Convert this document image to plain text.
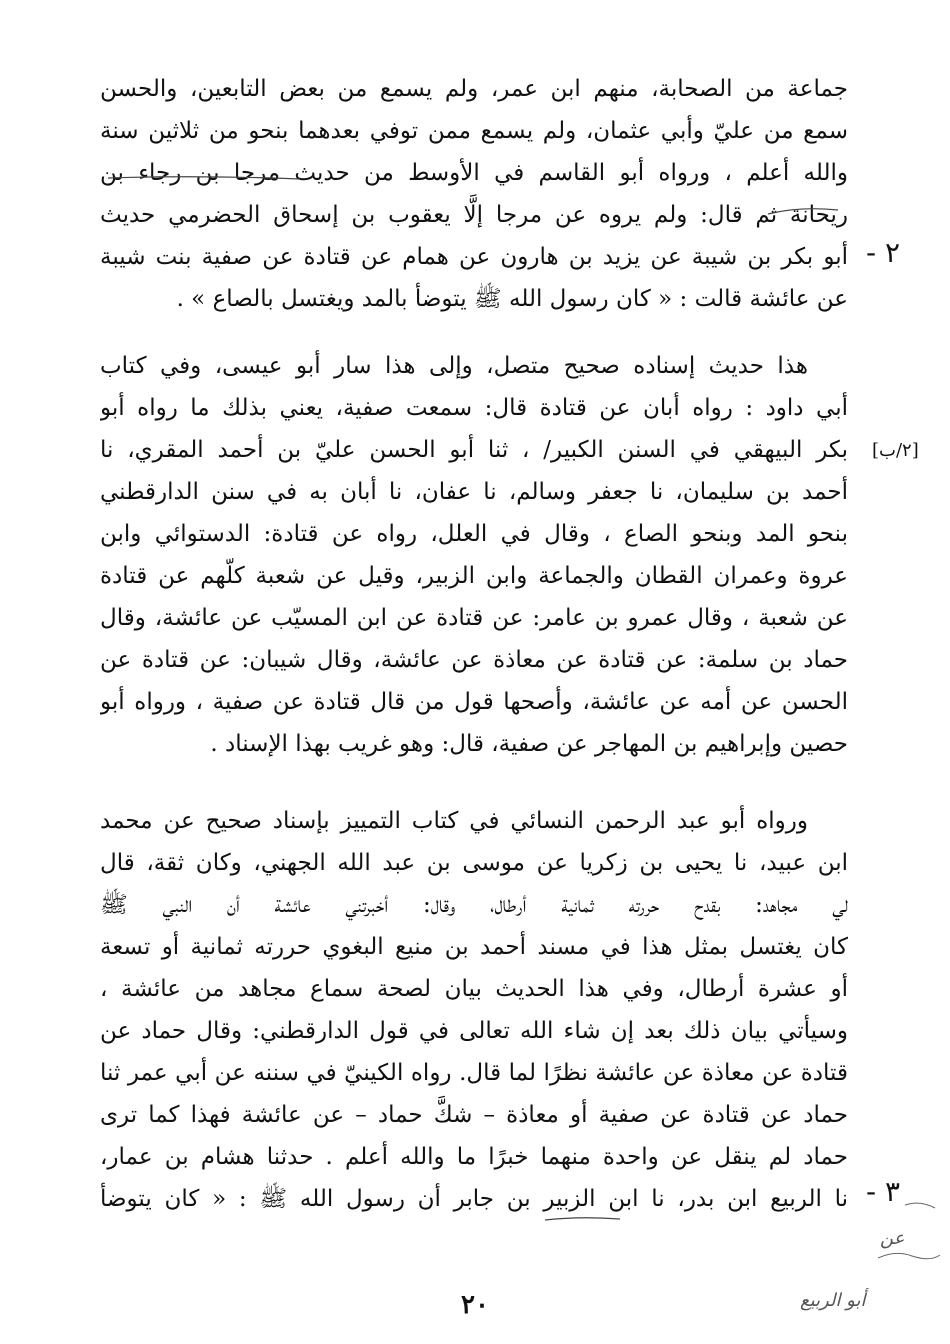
جماعة من الصحابة، منهم ابن عمر، ولم يسمع من بعض التابعين، والحسن
سمع من عليّ وأبي عثمان، ولم يسمع ممن توفي بعدهما بنحو من ثلاثين سنة
والله أعلم ، ورواه أبو القاسم في الأوسط من حديث مرجا بن رجاء بن
ريحانة ثم قال: ولم يروه عن مرجا إلَّا يعقوب بن إسحاق الحضرمي حديث
أبو بكر بن شيبة عن يزيد بن هارون عن همام عن قتادة عن صفية بنت شيبة
عن عائشة قالت : « كان رسول الله ﷺ يتوضأ بالمد ويغتسل بالصاع » .
هذا حديث إسناده صحيح متصل، وإلى هذا سار أبو عيسى، وفي كتاب
أبي داود : رواه أبان عن قتادة قال: سمعت صفية، يعني بذلك ما رواه أبو
بكر البيهقي في السنن الكبير/ ، ثنا أبو الحسن عليّ بن أحمد المقري، نا
أحمد بن سليمان، نا جعفر وسالم، نا عفان، نا أبان به في سنن الدارقطني
بنحو المد وبنحو الصاع ، وقال في العلل، رواه عن قتادة: الدستوائي وابن
عروة وعمران القطان والجماعة وابن الزبير، وقيل عن شعبة كلّهم عن قتادة
عن شعبة ، وقال عمرو بن عامر: عن قتادة عن ابن المسيّب عن عائشة، وقال
حماد بن سلمة: عن قتادة عن معاذة عن عائشة، وقال شيبان: عن قتادة عن
الحسن عن أمه عن عائشة، وأصحها قول من قال قتادة عن صفية ، ورواه أبو
حصين وإبراهيم بن المهاجر عن صفية، قال: وهو غريب بهذا الإسناد .
ورواه أبو عبد الرحمن النسائي في كتاب التمييز بإسناد صحيح عن محمد
ابن عبيد، نا يحيى بن زكريا عن موسى بن عبد الله الجهني، وكان ثقة، قال
لي مجاهد: بقدح حررته ثمانية أرطال، وقال: أخبرتني عائشة أن النبي ﷺ
كان يغتسل بمثل هذا في مسند أحمد بن منيع البغوي حررته ثمانية أو تسعة
أو عشرة أرطال، وفي هذا الحديث بيان لصحة سماع مجاهد من عائشة ،
وسيأتي بيان ذلك بعد إن شاء الله تعالى في قول الدارقطني: وقال حماد عن
قتادة عن معاذة عن عائشة نظرًا لما قال. رواه الكينيّ في سننه عن أبي عمر ثنا
حماد عن قتادة عن صفية أو معاذة – شكَّ حماد – عن عائشة فهذا كما ترى
حماد لم ينقل عن واحدة منهما خبرًا ما والله أعلم . حدثنا هشام بن عمار،
نا الربيع ابن بدر، نا ابن الزبير بن جابر أن رسول الله ﷺ : « كان يتوضأ
٢ -
٣ -
[٢/ب]
عن
أبو الربيع
٢٠
